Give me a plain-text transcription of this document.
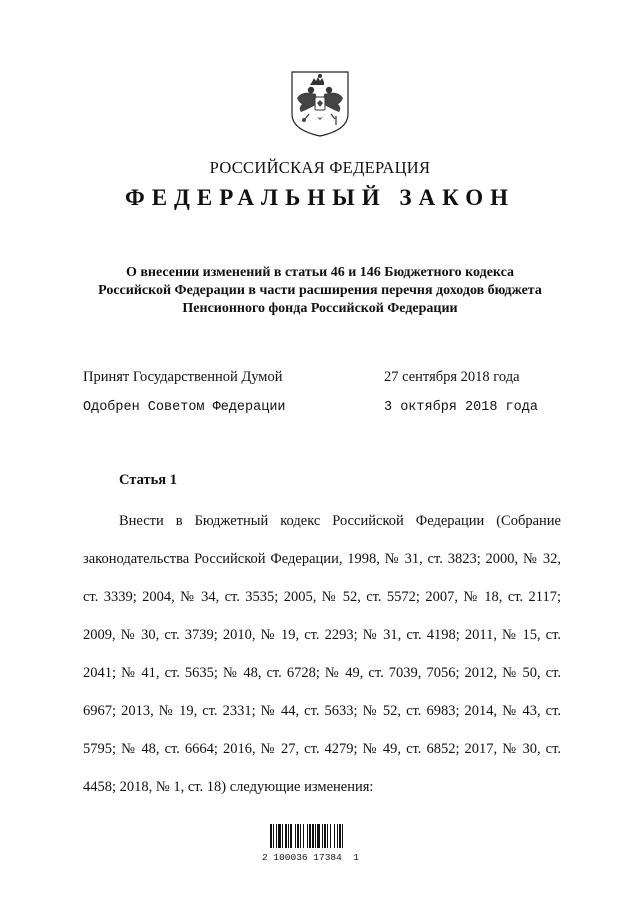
РОССИЙСКАЯ ФЕДЕРАЦИЯ
ФЕДЕРАЛЬНЫЙ ЗАКОН
О внесении изменений в статьи 46 и 146 Бюджетного кодекса Российской Федерации в части расширения перечня доходов бюджета Пенсионного фонда Российской Федерации
Принят Государственной Думой	27 сентября 2018 года
Одобрен Советом Федерации	3 октября 2018 года
Статья 1
Внести в Бюджетный кодекс Российской Федерации (Собрание законодательства Российской Федерации, 1998, № 31, ст. 3823; 2000, № 32, ст. 3339; 2004, № 34, ст. 3535; 2005, № 52, ст. 5572; 2007, № 18, ст. 2117; 2009, № 30, ст. 3739; 2010, № 19, ст. 2293; № 31, ст. 4198; 2011, № 15, ст. 2041; № 41, ст. 5635; № 48, ст. 6728; № 49, ст. 7039, 7056; 2012, № 50, ст. 6967; 2013, № 19, ст. 2331; № 44, ст. 5633; № 52, ст. 6983; 2014, № 43, ст. 5795; № 48, ст. 6664; 2016, № 27, ст. 4279; № 49, ст. 6852; 2017, № 30, ст. 4458; 2018, № 1, ст. 18) следующие изменения:
2 100036 17384  1
